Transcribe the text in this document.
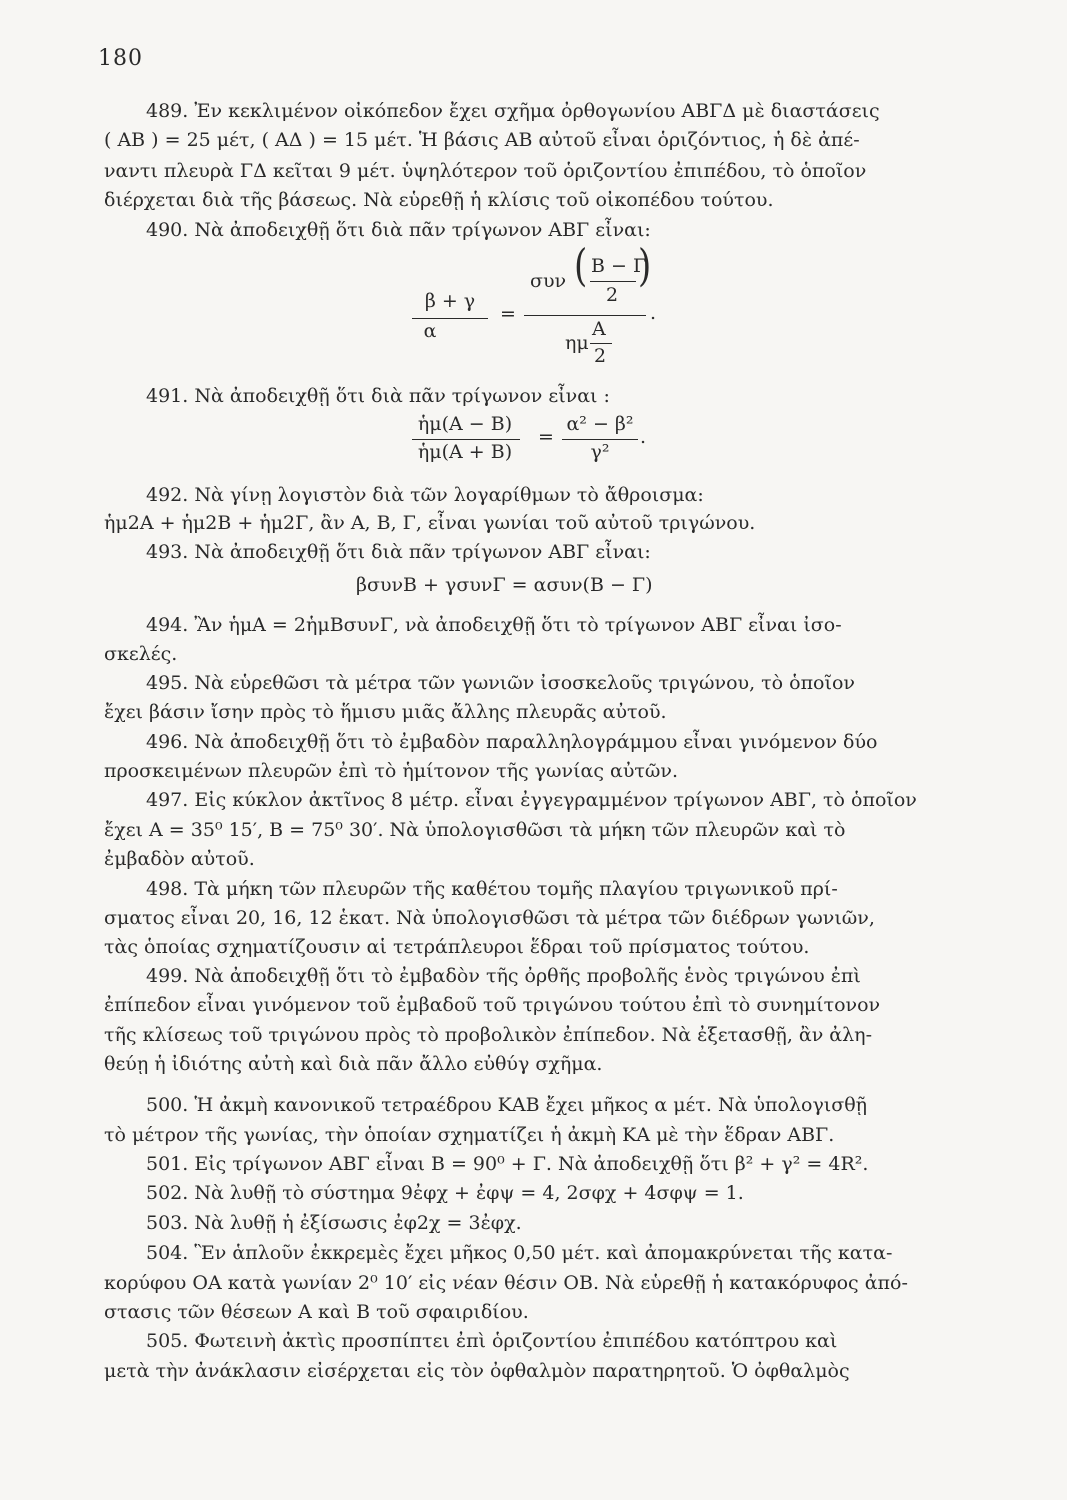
180
489. Ἐν κεκλιμένον οἰκόπεδον ἔχει σχῆμα ὀρθογωνίου ΑΒΓΔ μὲ διαστάσεις
( ΑΒ ) = 25 μέτ, ( ΑΔ ) = 15 μέτ. Ἡ βάσις ΑΒ αὐτοῦ εἶναι ὁριζόντιος, ἡ δὲ ἀπέ-
ναντι πλευρὰ ΓΔ κεῖται 9 μέτ. ὑψηλότερον τοῦ ὁριζοντίου ἐπιπέδου, τὸ ὁποῖον
διέρχεται διὰ τῆς βάσεως. Νὰ εὑρεθῇ ἡ κλίσις τοῦ οἰκοπέδου τούτου.
490. Νὰ ἀποδειχθῇ ὅτι διὰ πᾶν τρίγωνον ΑΒΓ εἶναι:
β + γ
α
=
συν ( Β − Γ
2
)
.
ημ
Α
2
491. Νὰ ἀποδειχθῇ ὅτι διὰ πᾶν τρίγωνον εἶναι :
ἡμ(Α − Β)
ἡμ(Α + Β)
=
α² − β²
γ²
.
492. Νὰ γίνῃ λογιστὸν διὰ τῶν λογαρίθμων τὸ ἄθροισμα:
ἡμ2Α + ἡμ2Β + ἡμ2Γ, ἂν Α, Β, Γ, εἶναι γωνίαι τοῦ αὐτοῦ τριγώνου.
493. Νὰ ἀποδειχθῇ ὅτι διὰ πᾶν τρίγωνον ΑΒΓ εἶναι:
βσυνΒ + γσυνΓ = ασυν(Β − Γ)
494. Ἂν ἡμΑ = 2ἡμΒσυνΓ, νὰ ἀποδειχθῇ ὅτι τὸ τρίγωνον ΑΒΓ εἶναι ἰσο-
σκελές.
495. Νὰ εὑρεθῶσι τὰ μέτρα τῶν γωνιῶν ἰσοσκελοῦς τριγώνου, τὸ ὁποῖον
ἔχει βάσιν ἴσην πρὸς τὸ ἥμισυ μιᾶς ἄλλης πλευρᾶς αὐτοῦ.
496. Νὰ ἀποδειχθῇ ὅτι τὸ ἐμβαδὸν παραλληλογράμμου εἶναι γινόμενον δύο
προσκειμένων πλευρῶν ἐπὶ τὸ ἡμίτονον τῆς γωνίας αὐτῶν.
497. Εἰς κύκλον ἀκτῖνος 8 μέτρ. εἶναι ἐγγεγραμμένον τρίγωνον ΑΒΓ, τὸ ὁποῖον
ἔχει Α = 35⁰ 15′, Β = 75⁰ 30′. Νὰ ὑπολογισθῶσι τὰ μήκη τῶν πλευρῶν καὶ τὸ
ἐμβαδὸν αὐτοῦ.
498. Τὰ μήκη τῶν πλευρῶν τῆς καθέτου τομῆς πλαγίου τριγωνικοῦ πρί-
σματος εἶναι 20, 16, 12 ἑκατ. Νὰ ὑπολογισθῶσι τὰ μέτρα τῶν διέδρων γωνιῶν,
τὰς ὁποίας σχηματίζουσιν αἱ τετράπλευροι ἕδραι τοῦ πρίσματος τούτου.
499. Νὰ ἀποδειχθῇ ὅτι τὸ ἐμβαδὸν τῆς ὀρθῆς προβολῆς ἑνὸς τριγώνου ἐπὶ
ἐπίπεδον εἶναι γινόμενον τοῦ ἐμβαδοῦ τοῦ τριγώνου τούτου ἐπὶ τὸ συνημίτονον
τῆς κλίσεως τοῦ τριγώνου πρὸς τὸ προβολικὸν ἐπίπεδον. Νὰ ἐξετασθῇ, ἂν ἀλη-
θεύῃ ἡ ἰδιότης αὐτὴ καὶ διὰ πᾶν ἄλλο εὐθύγ σχῆμα.
500. Ἡ ἀκμὴ κανονικοῦ τετραέδρου ΚΑΒ ἔχει μῆκος α μέτ. Νὰ ὑπολογισθῇ
τὸ μέτρον τῆς γωνίας, τὴν ὁποίαν σχηματίζει ἡ ἀκμὴ ΚΑ μὲ τὴν ἕδραν ΑΒΓ.
501. Εἰς τρίγωνον ΑΒΓ εἶναι Β = 90⁰ + Γ. Νὰ ἀποδειχθῇ ὅτι β² + γ² = 4R².
502. Νὰ λυθῇ τὸ σύστημα 9ἐφχ + ἐφψ = 4, 2σφχ + 4σφψ = 1.
503. Νὰ λυθῇ ἡ ἐξίσωσις ἐφ2χ = 3ἐφχ.
504. Ἓν ἁπλοῦν ἐκκρεμὲς ἔχει μῆκος 0,50 μέτ. καὶ ἀπομακρύνεται τῆς κατα-
κορύφου ΟΑ κατὰ γωνίαν 2⁰ 10′ εἰς νέαν θέσιν ΟΒ. Νὰ εὑρεθῇ ἡ κατακόρυφος ἀπό-
στασις τῶν θέσεων Α καὶ Β τοῦ σφαιριδίου.
505. Φωτεινὴ ἀκτὶς προσπίπτει ἐπὶ ὁριζοντίου ἐπιπέδου κατόπτρου καὶ
μετὰ τὴν ἀνάκλασιν εἰσέρχεται εἰς τὸν ὀφθαλμὸν παρατηρητοῦ. Ὁ ὀφθαλμὸς
